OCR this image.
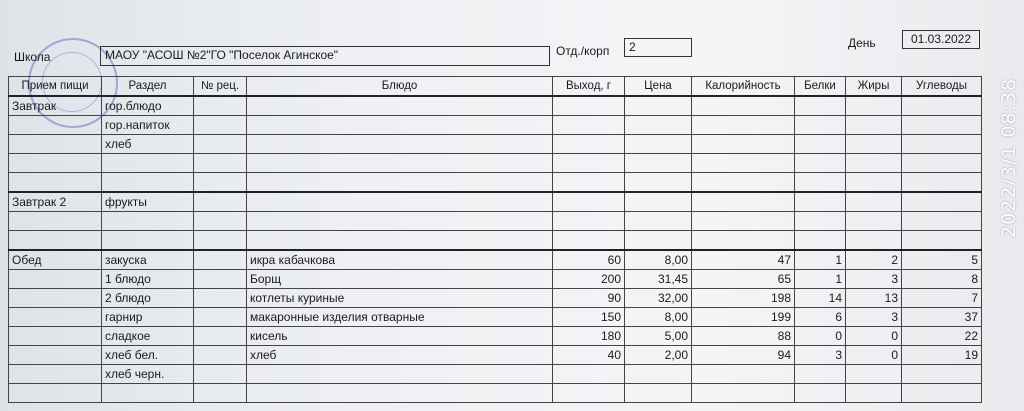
Школа	МАОУ "АСОШ №2"ГО "Поселок Агинское"	Отд./корп	2	День	01.03.2022
Прием пищи	Раздел	№ рец.	Блюдо	Выход, г	Цена	Калорийность	Белки	Жиры	Углеводы
Завтрак	гор.блюдо								
	гор.напиток								
	хлеб								

Завтрак 2	фрукты								

Обед	закуска		икра кабачкова	60	8,00	47	1	2	5
	1 блюдо		Борщ	200	31,45	65	1	3	8
	2 блюдо		котлеты куриные	90	32,00	198	14	13	7
	гарнир		макаронные изделия отварные	150	8,00	199	6	3	37
	сладкое		кисель	180	5,00	88	0	0	22
	хлеб бел.		хлеб	40	2,00	94	3	0	19
	хлеб черн.								

2022/3/1 08:38
